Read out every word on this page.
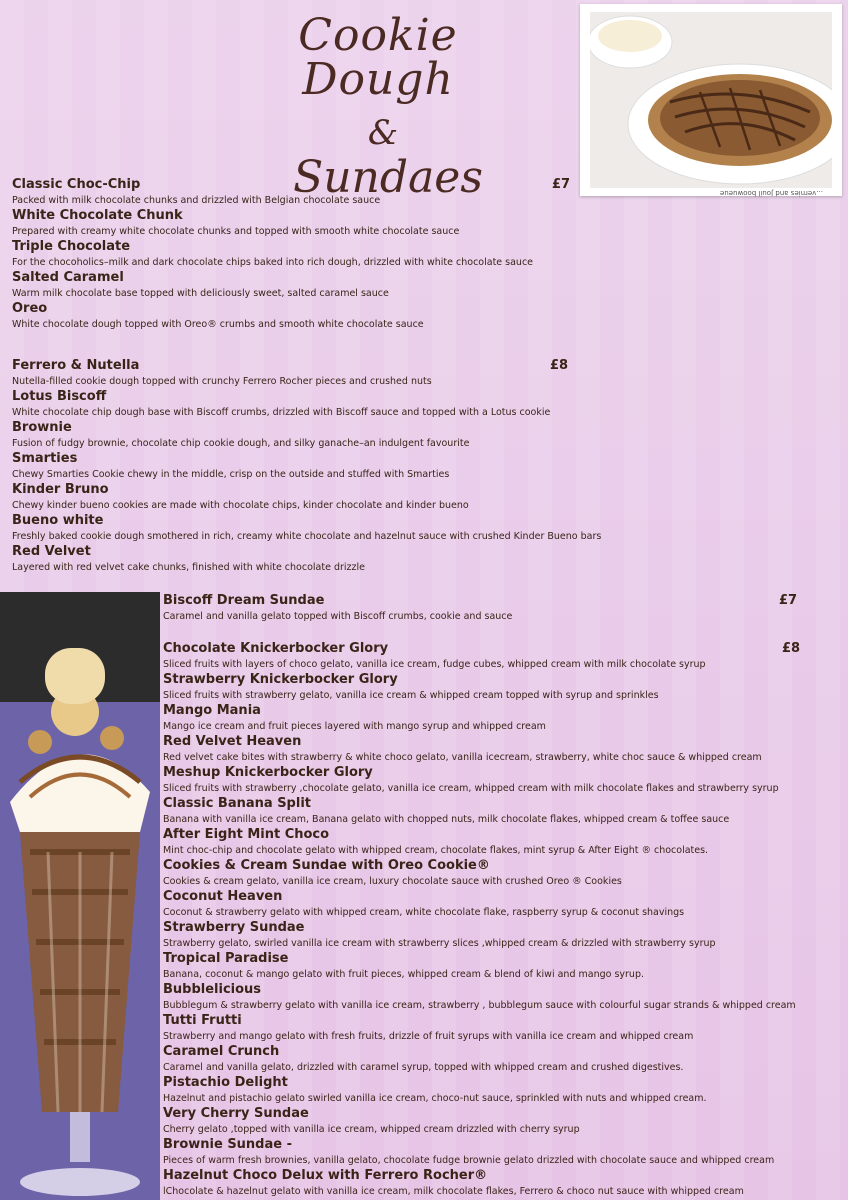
Cookie Dough
&
Sundaes	...vernies and Jouil boowueue
£7
Classic Choc-Chip
Packed with milk chocolate chunks and drizzled with Belgian chocolate sauce
White Chocolate Chunk
Prepared with creamy white chocolate chunks and topped with smooth white chocolate sauce
Triple Chocolate
For the chocoholics–milk and dark chocolate chips baked into rich dough, drizzled with white chocolate sauce
Salted Caramel
Warm milk chocolate base topped with deliciously sweet, salted caramel sauce
Oreo
White chocolate dough topped with Oreo® crumbs and smooth white chocolate sauce
£8
Ferrero & Nutella
Nutella-filled cookie dough topped with crunchy Ferrero Rocher pieces and crushed nuts
Lotus Biscoff
White chocolate chip dough base with Biscoff crumbs, drizzled with Biscoff sauce and topped with a Lotus cookie
Brownie
Fusion of fudgy brownie, chocolate chip cookie dough, and silky ganache–an indulgent favourite
Smarties
Chewy Smarties Cookie chewy in the middle, crisp on the outside and stuffed with Smarties
Kinder Bruno
Chewy kinder bueno cookies are made with chocolate chips, kinder chocolate and kinder bueno
Bueno white
Freshly baked cookie dough smothered in rich, creamy white chocolate and hazelnut sauce with crushed Kinder Bueno bars
Red Velvet
Layered with red velvet cake chunks, finished with white chocolate drizzle
£7
Biscoff Dream Sundae
Caramel and vanilla gelato topped with Biscoff crumbs, cookie and sauce
£8
Chocolate Knickerbocker Glory
Sliced fruits with layers of choco gelato, vanilla ice cream, fudge cubes, whipped cream with milk chocolate syrup
Strawberry Knickerbocker Glory
Sliced fruits with strawberry gelato, vanilla ice cream & whipped cream topped with syrup and sprinkles
Mango Mania
Mango ice cream and fruit pieces layered with mango syrup and whipped cream
Red Velvet Heaven
Red velvet cake bites with strawberry & white choco gelato, vanilla icecream, strawberry, white choc sauce & whipped cream
Meshup Knickerbocker Glory
Sliced fruits with strawberry ,chocolate gelato, vanilla ice cream, whipped cream with milk chocolate flakes and strawberry syrup
Classic Banana Split
Banana with vanilla ice cream, Banana gelato with chopped nuts, milk chocolate flakes, whipped cream & toffee sauce
After Eight Mint Choco
Mint choc-chip and chocolate gelato with whipped cream, chocolate flakes, mint syrup & After Eight ® chocolates.
Cookies & Cream Sundae with Oreo Cookie®
Cookies & cream gelato, vanilla ice cream, luxury chocolate sauce with crushed Oreo ® Cookies
Coconut Heaven
Coconut & strawberry gelato with whipped cream, white chocolate flake, raspberry syrup & coconut shavings
Strawberry Sundae
Strawberry gelato, swirled vanilla ice cream with strawberry slices ,whipped cream & drizzled with strawberry syrup
Tropical Paradise
Banana, coconut & mango gelato with fruit pieces, whipped cream & blend of kiwi and mango syrup.
Bubblelicious
Bubblegum & strawberry gelato with vanilla ice cream, strawberry , bubblegum sauce with colourful sugar strands & whipped cream
Tutti Frutti
Strawberry and mango gelato with fresh fruits, drizzle of fruit syrups with vanilla ice cream and whipped cream
Caramel Crunch
Caramel and vanilla gelato, drizzled with caramel syrup, topped with whipped cream and crushed digestives.
Pistachio Delight
Hazelnut and pistachio gelato swirled vanilla ice cream, choco-nut sauce, sprinkled with nuts and whipped cream.
Very Cherry Sundae
Cherry gelato ,topped with vanilla ice cream, whipped cream drizzled with cherry syrup
Brownie Sundae -
Pieces of warm fresh brownies, vanilla gelato, chocolate fudge brownie gelato drizzled with chocolate sauce and whipped cream
Hazelnut Choco Delux with Ferrero Rocher®
lChocolate & hazelnut gelato with vanilla ice cream, milk chocolate flakes, Ferrero & choco nut sauce with whipped cream
